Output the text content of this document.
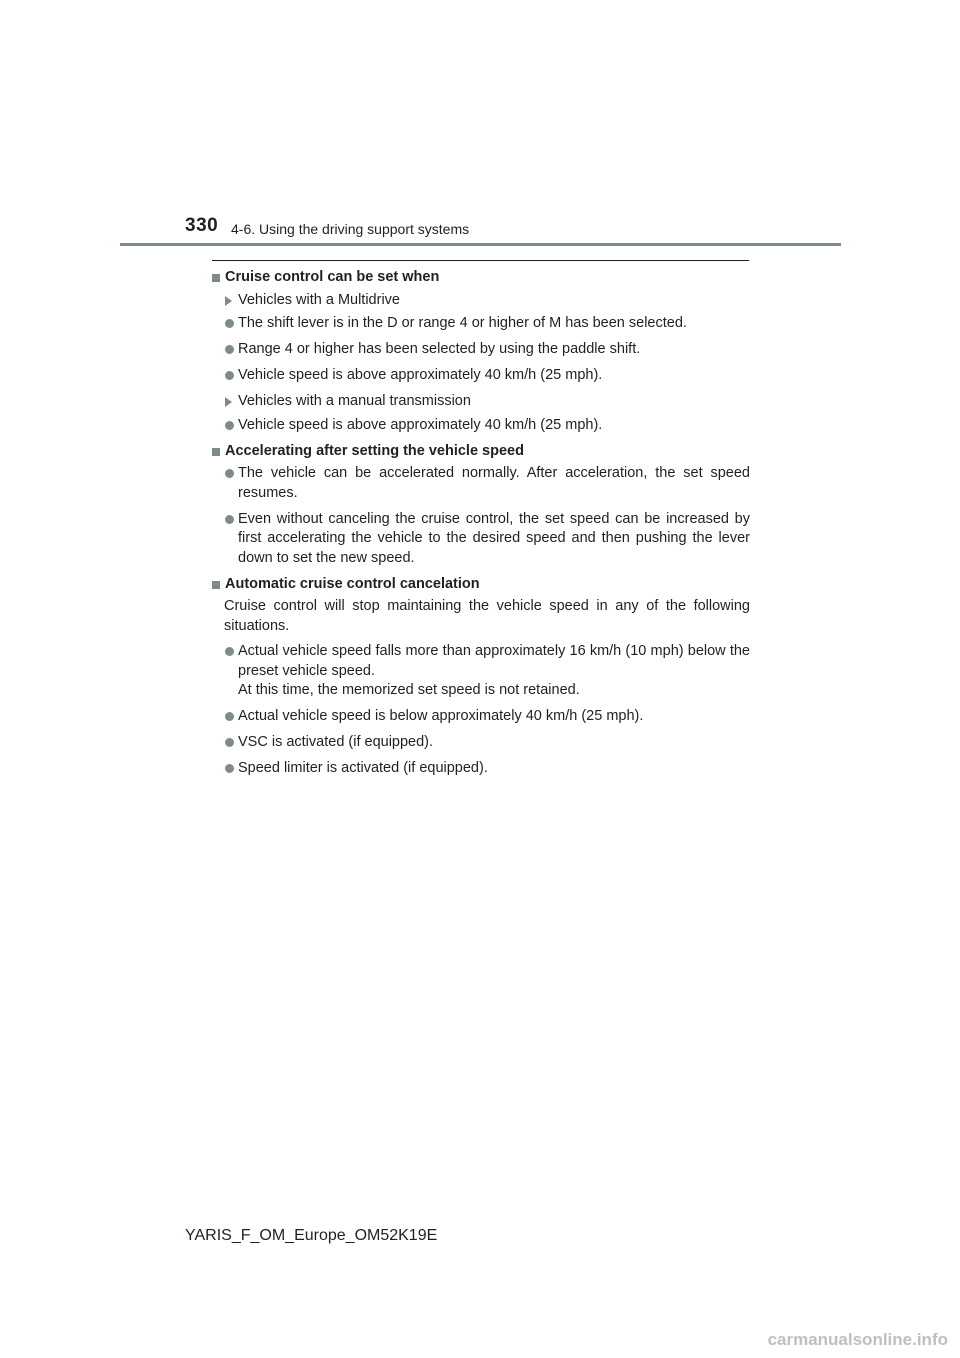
330 4-6. Using the driving support systems
Cruise control can be set when
Vehicles with a Multidrive
The shift lever is in the D or range 4 or higher of M has been selected.
Range 4 or higher has been selected by using the paddle shift.
Vehicle speed is above approximately 40 km/h (25 mph).
Vehicles with a manual transmission
Vehicle speed is above approximately 40 km/h (25 mph).
Accelerating after setting the vehicle speed
The vehicle can be accelerated normally. After acceleration, the set speed resumes.
Even without canceling the cruise control, the set speed can be increased by first accelerating the vehicle to the desired speed and then pushing the lever down to set the new speed.
Automatic cruise control cancelation
Cruise control will stop maintaining the vehicle speed in any of the following situations.
Actual vehicle speed falls more than approximately 16 km/h (10 mph) below the preset vehicle speed.
At this time, the memorized set speed is not retained.
Actual vehicle speed is below approximately 40 km/h (25 mph).
VSC is activated (if equipped).
Speed limiter is activated (if equipped).
YARIS_F_OM_Europe_OM52K19E
carmanualsonline.info
